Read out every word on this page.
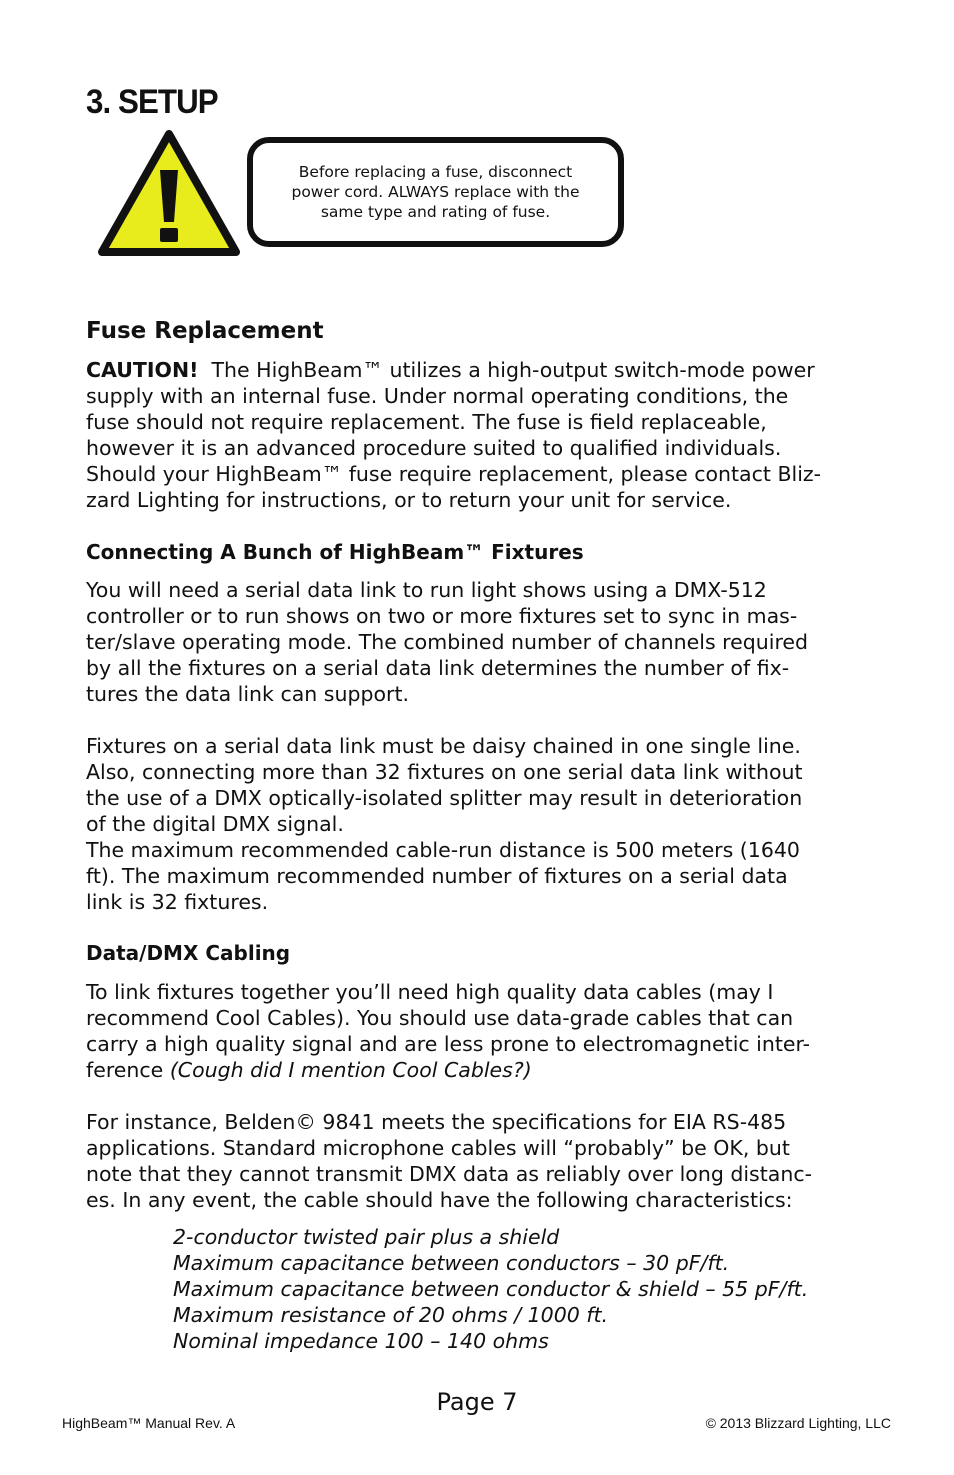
3. SETUP
Before replacing a fuse, disconnect
power cord. ALWAYS replace with the
same type and rating of fuse.
Fuse Replacement
CAUTION!  The HighBeam™ utilizes a high-output switch-mode power
supply with an internal fuse. Under normal operating conditions, the
fuse should not require replacement. The fuse is field replaceable,
however it is an advanced procedure suited to qualified individuals.
Should your HighBeam™ fuse require replacement, please contact Bliz-
zard Lighting for instructions, or to return your unit for service.
Connecting A Bunch of HighBeam™ Fixtures
You will need a serial data link to run light shows using a DMX-512
controller or to run shows on two or more fixtures set to sync in mas-
ter/slave operating mode. The combined number of channels required
by all the fixtures on a serial data link determines the number of fix-
tures the data link can support.
Fixtures on a serial data link must be daisy chained in one single line.
Also, connecting more than 32 fixtures on one serial data link without
the use of a DMX optically-isolated splitter may result in deterioration
of the digital DMX signal.
The maximum recommended cable-run distance is 500 meters (1640
ft). The maximum recommended number of fixtures on a serial data
link is 32 fixtures.
Data/DMX Cabling
To link fixtures together you’ll need high quality data cables (may I
recommend Cool Cables). You should use data-grade cables that can
carry a high quality signal and are less prone to electromagnetic inter-
ference (Cough did I mention Cool Cables?)
For instance, Belden© 9841 meets the specifications for EIA RS-485
applications. Standard microphone cables will “probably” be OK, but
note that they cannot transmit DMX data as reliably over long distanc-
es. In any event, the cable should have the following characteristics:
2-conductor twisted pair plus a shield
Maximum capacitance between conductors – 30 pF/ft.
Maximum capacitance between conductor & shield – 55 pF/ft.
Maximum resistance of 20 ohms / 1000 ft.
Nominal impedance 100 – 140 ohms
Page 7
HighBeam™ Manual Rev. A	© 2013 Blizzard Lighting, LLC
